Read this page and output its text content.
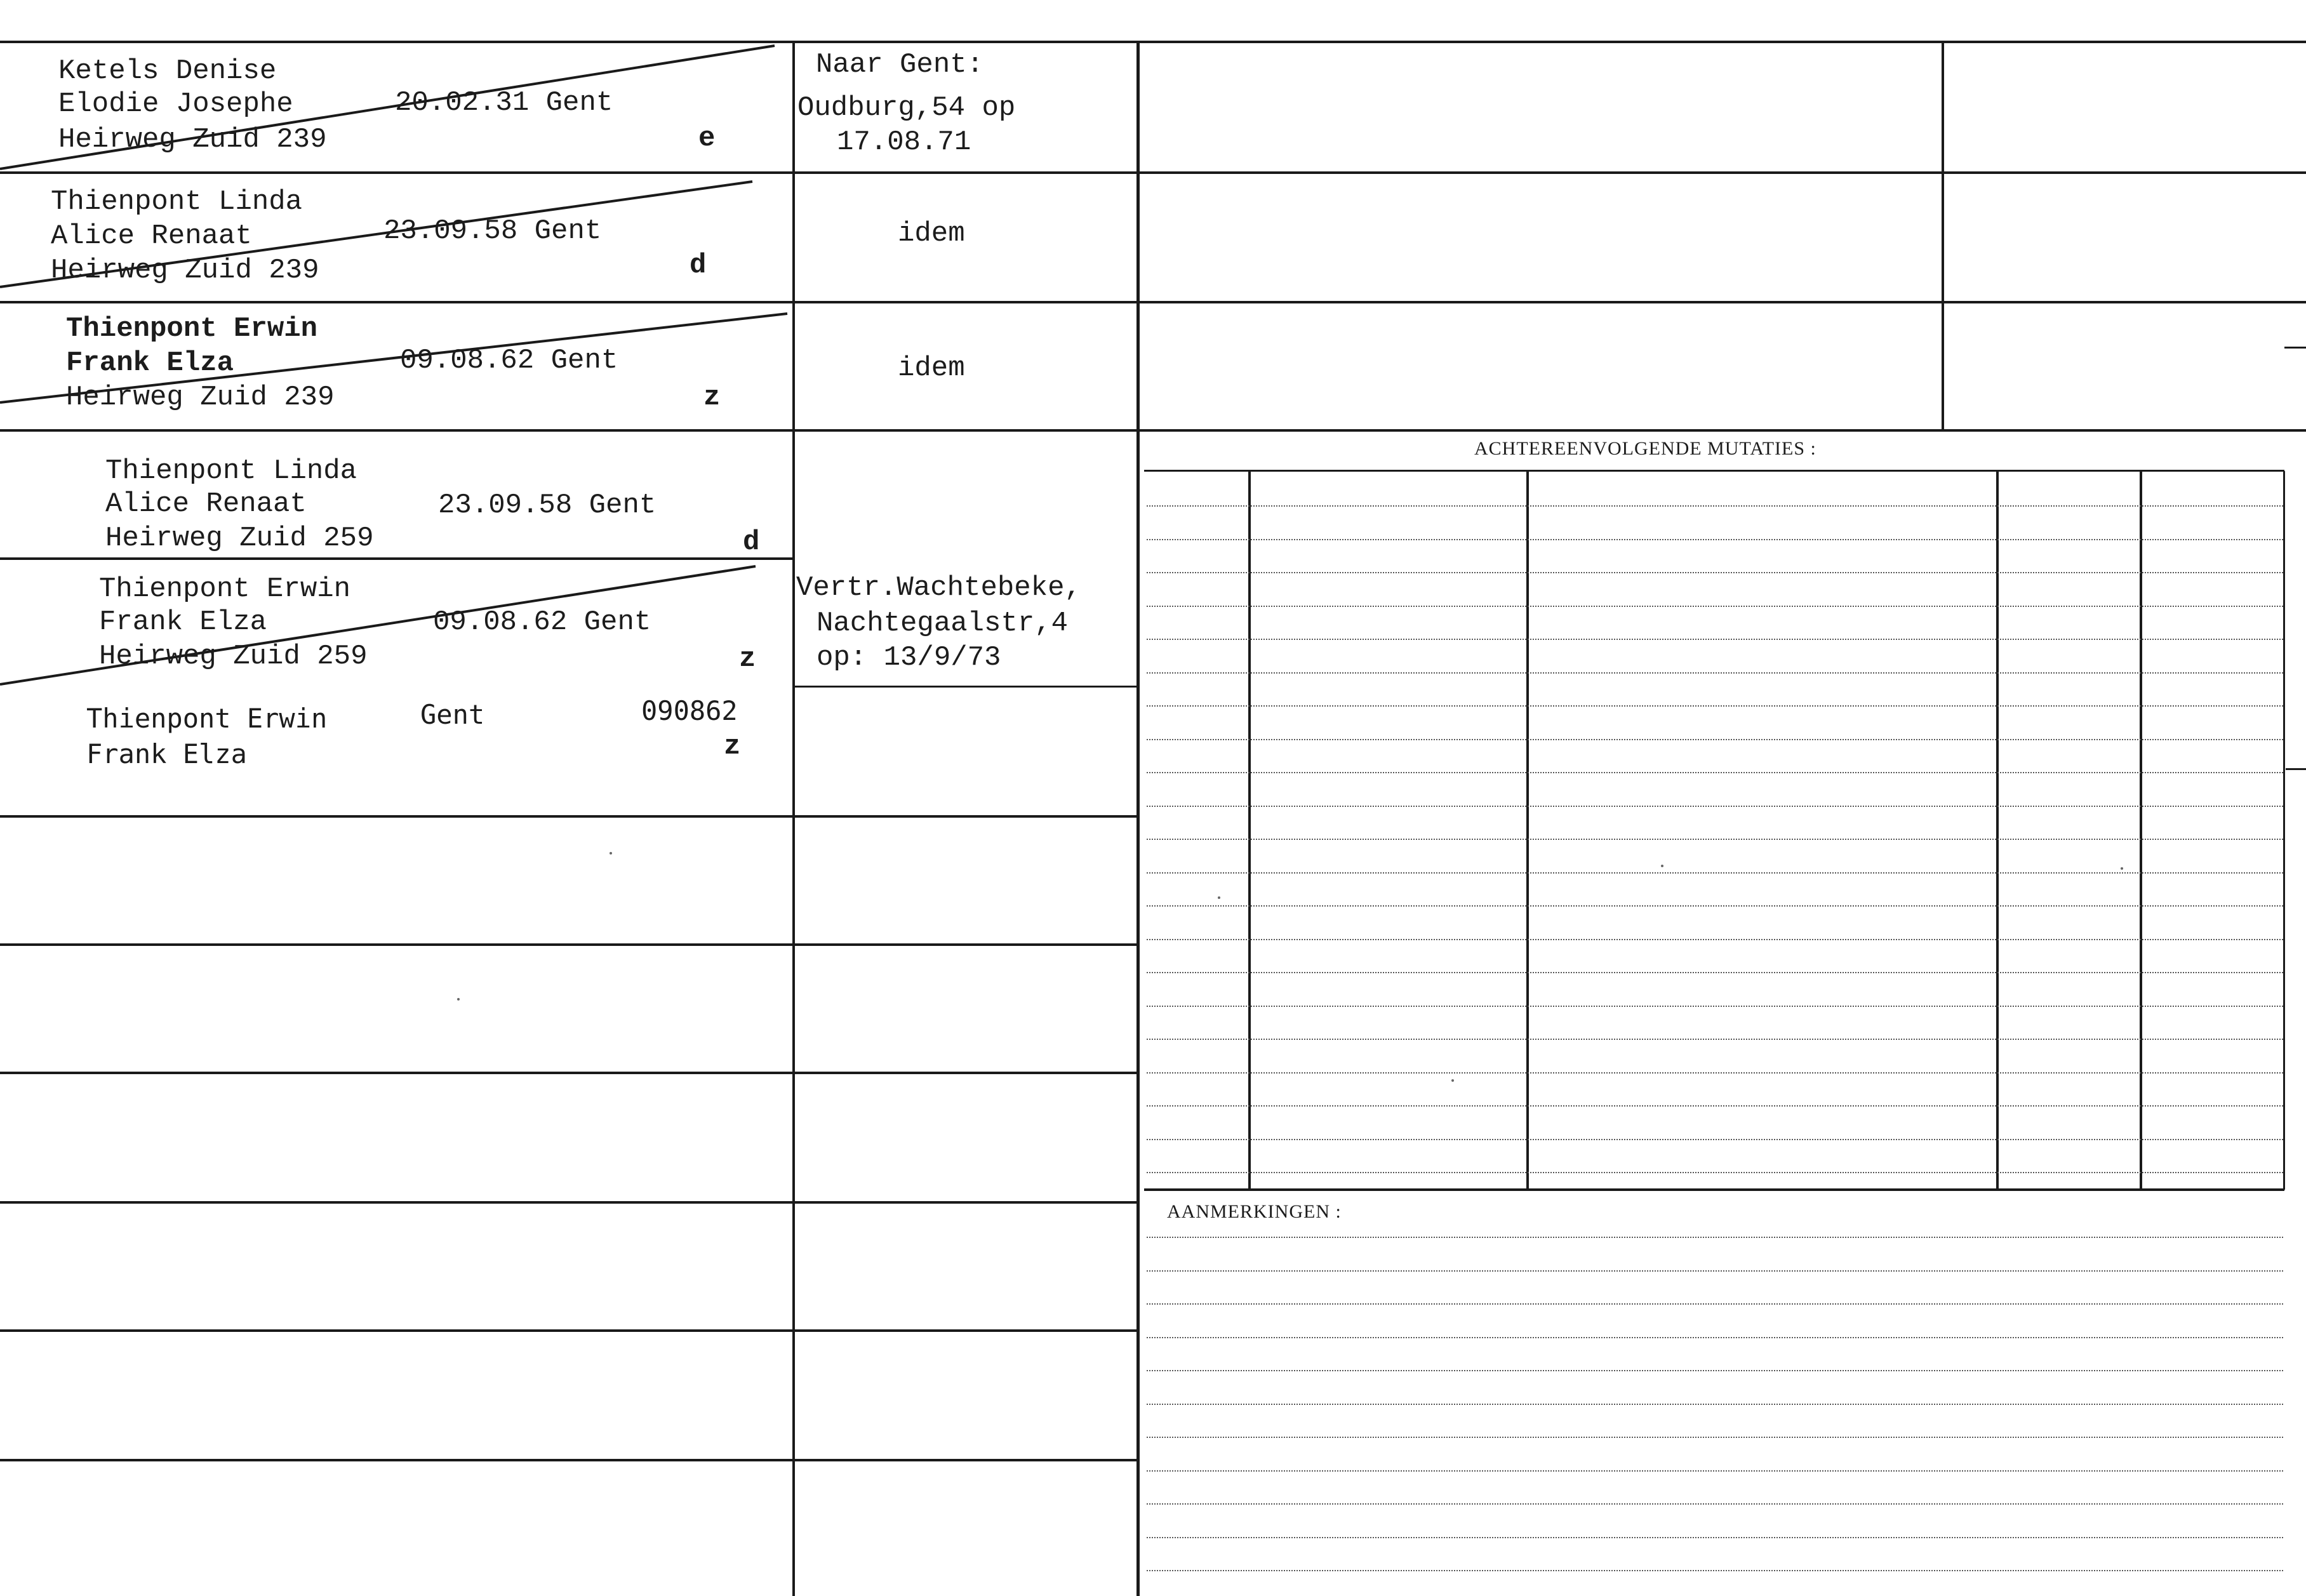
Ketels Denise
Elodie Josephe
Heirweg Zuid 239
20.02.31 Gent
e
Naar Gent:
Oudburg,54 op
17.08.71
Thienpont Linda
Alice Renaat
Heirweg Zuid 239
23.09.58 Gent
d
idem
Thienpont Erwin
Frank Elza
Heirweg Zuid 239
09.08.62 Gent
z
idem
Thienpont Linda
Alice Renaat
Heirweg Zuid 259
23.09.58 Gent
d
Thienpont Erwin
Frank Elza
Heirweg Zuid 259
09.08.62 Gent
z
Vertr.Wachtebeke,
Nachtegaalstr,4
op: 13/9/73
Thienpont Erwin
Frank Elza
Gent	090862
z
ACHTEREENVOLGENDE MUTATIES :
AANMERKINGEN :
